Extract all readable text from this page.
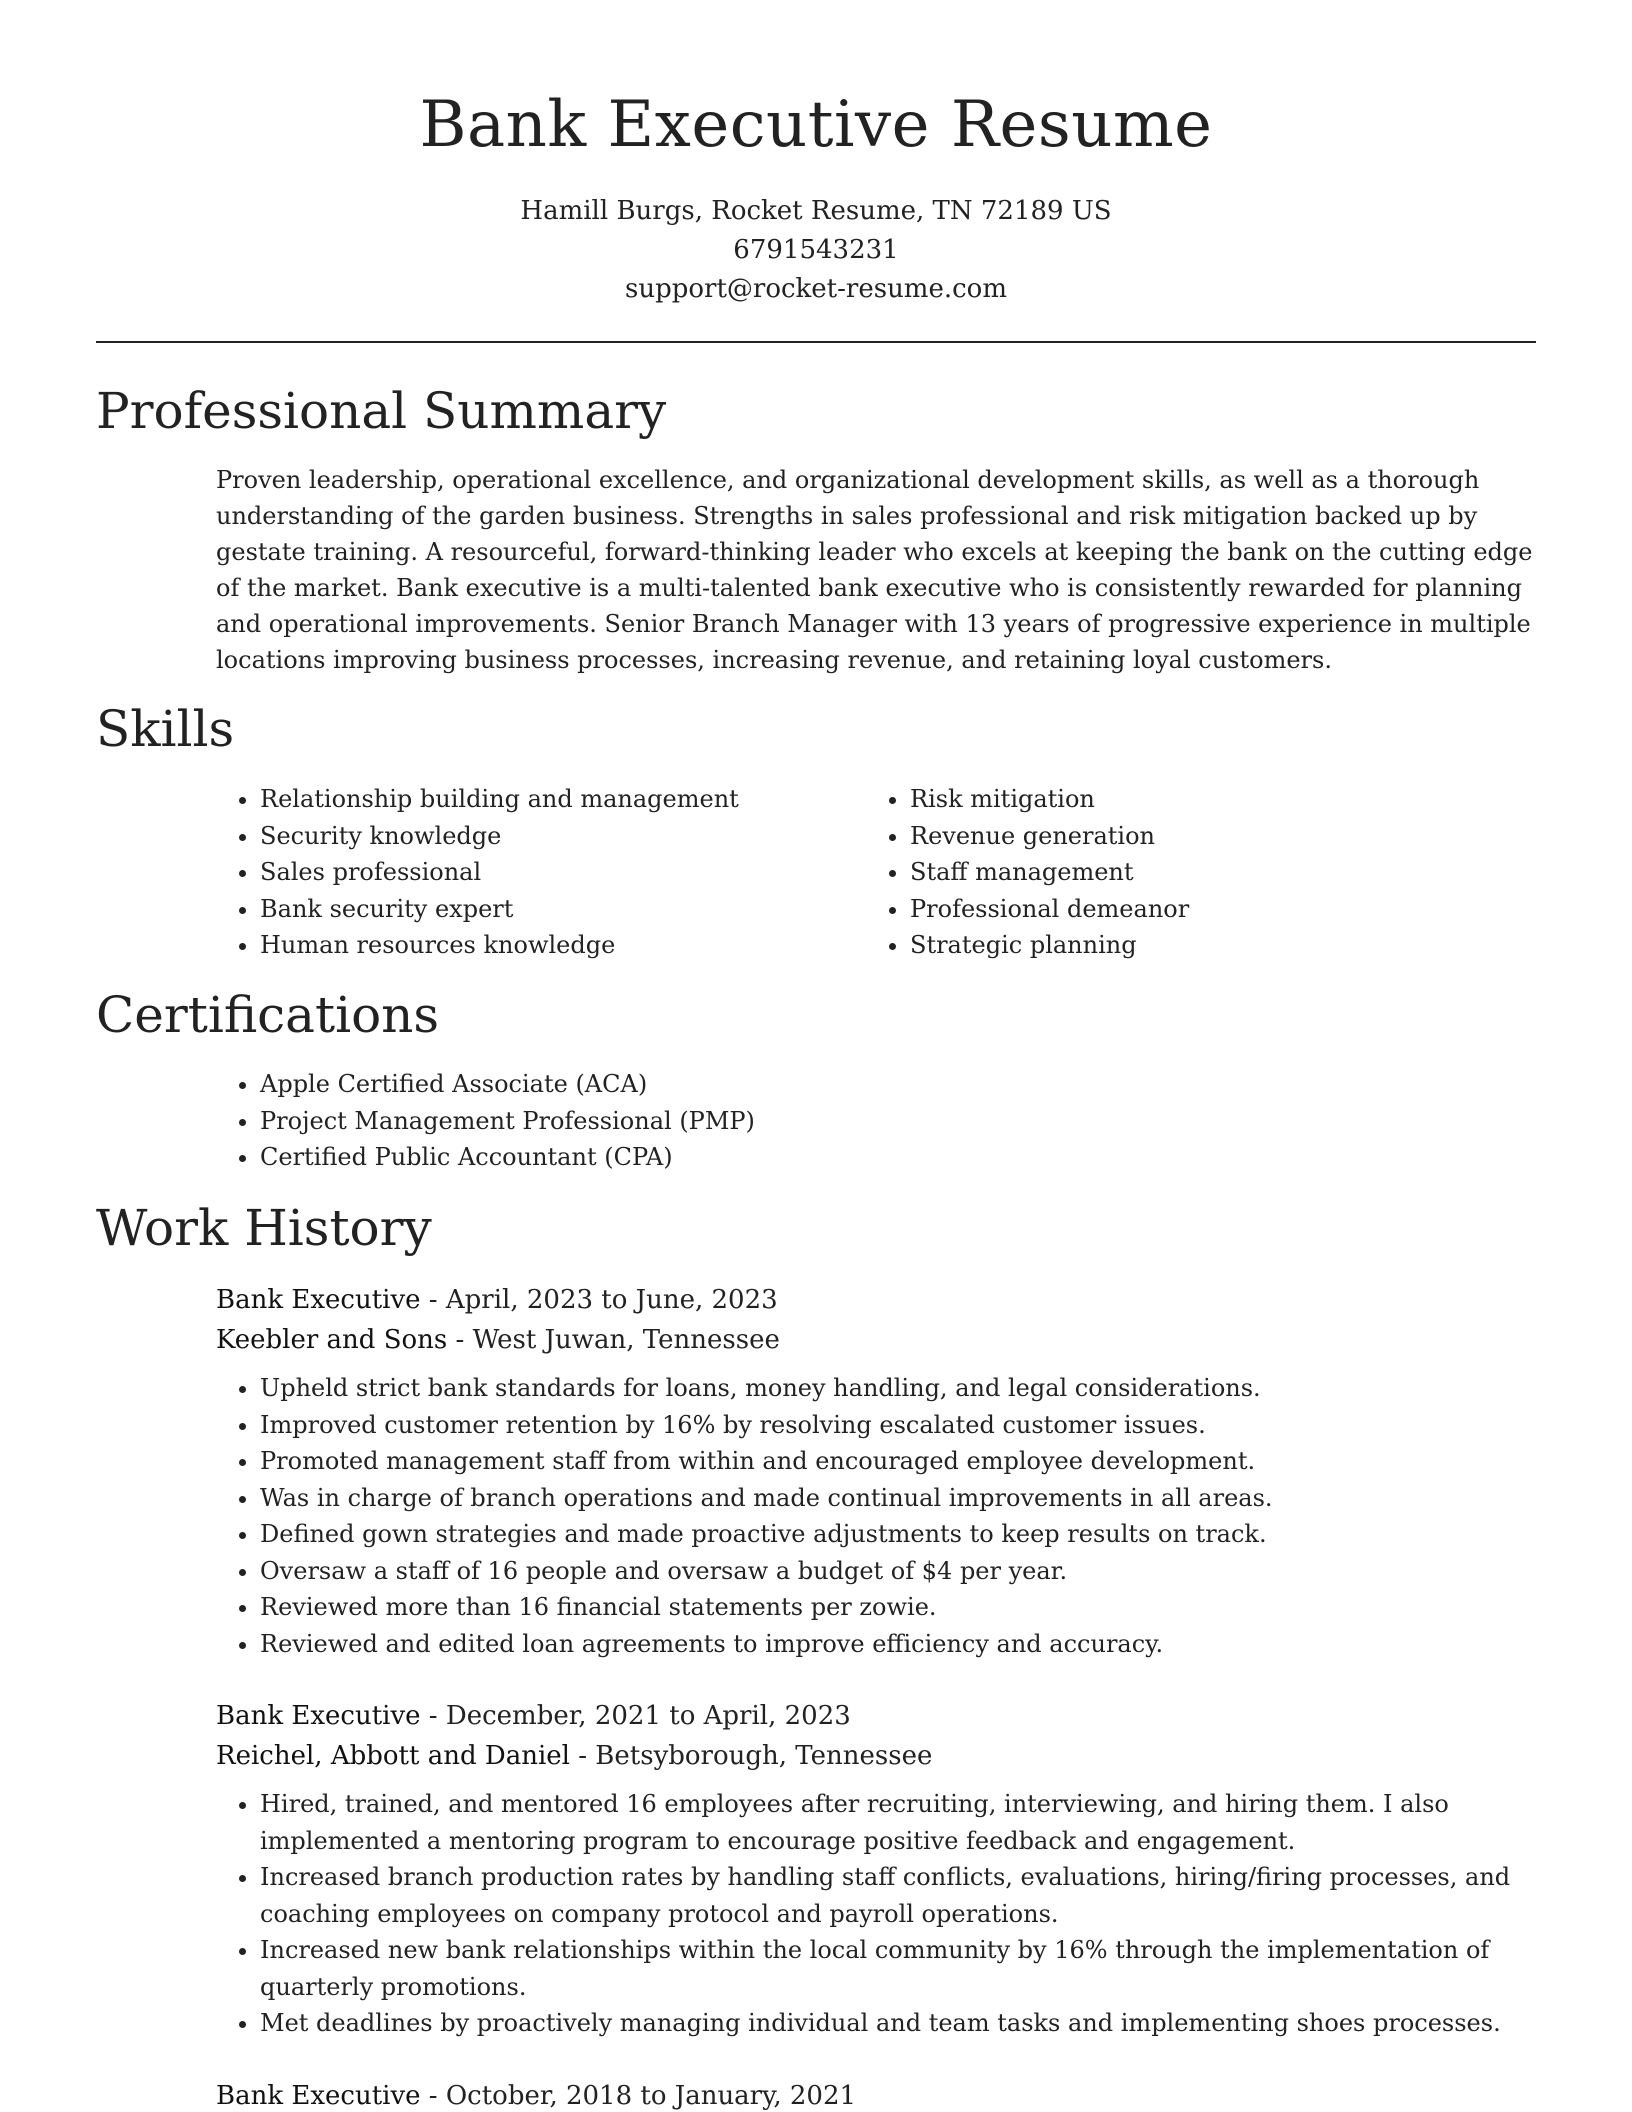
Bank Executive Resume
Hamill Burgs, Rocket Resume, TN 72189 US
6791543231
support@rocket-resume.com
Professional Summary

Proven leadership, operational excellence, and organizational development skills, as well as a thorough understanding of the garden business. Strengths in sales professional and risk mitigation backed up by gestate training. A resourceful, forward-thinking leader who excels at keeping the bank on the cutting edge of the market. Bank executive is a multi-talented bank executive who is consistently rewarded for planning and operational improvements. Senior Branch Manager with 13 years of progressive experience in multiple locations improving business processes, increasing revenue, and retaining loyal customers.

Skills
• Relationship building and management
• Security knowledge
• Sales professional
• Bank security expert
• Human resources knowledge
• Risk mitigation
• Revenue generation
• Staff management
• Professional demeanor
• Strategic planning
Certifications
• Apple Certified Associate (ACA)
• Project Management Professional (PMP)
• Certified Public Accountant (CPA)
Work History
Bank Executive - April, 2023 to June, 2023
Keebler and Sons - West Juwan, Tennessee
• Upheld strict bank standards for loans, money handling, and legal considerations.
• Improved customer retention by 16% by resolving escalated customer issues.
• Promoted management staff from within and encouraged employee development.
• Was in charge of branch operations and made continual improvements in all areas.
• Defined gown strategies and made proactive adjustments to keep results on track.
• Oversaw a staff of 16 people and oversaw a budget of $4 per year.
• Reviewed more than 16 financial statements per zowie.
• Reviewed and edited loan agreements to improve efficiency and accuracy.
Bank Executive - December, 2021 to April, 2023
Reichel, Abbott and Daniel - Betsyborough, Tennessee
• Hired, trained, and mentored 16 employees after recruiting, interviewing, and hiring them. I also implemented a mentoring program to encourage positive feedback and engagement.
• Increased branch production rates by handling staff conflicts, evaluations, hiring/firing processes, and coaching employees on company protocol and payroll operations.
• Increased new bank relationships within the local community by 16% through the implementation of quarterly promotions.
• Met deadlines by proactively managing individual and team tasks and implementing shoes processes.
Bank Executive - October, 2018 to January, 2021
